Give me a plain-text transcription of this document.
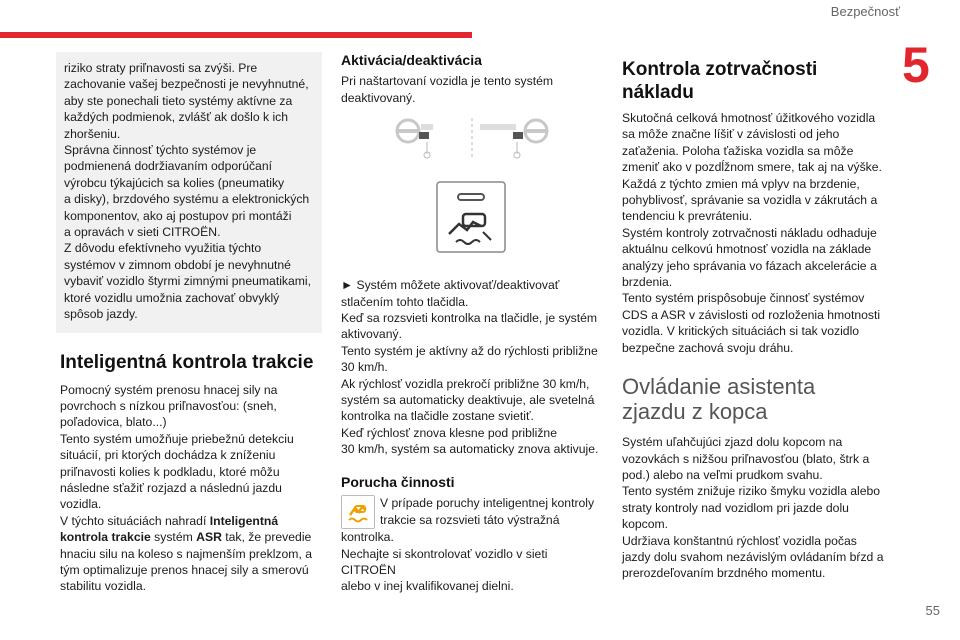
Bezpečnosť
5

riziko straty priľnavosti sa zvýši. Pre
zachovanie vašej bezpečnosti je nevyhnutné,
aby ste ponechali tieto systémy aktívne za
každých podmienok, zvlášť ak došlo k ich
zhoršeniu.
Správna činnosť týchto systémov je
podmienená dodržiavaním odporúčaní
výrobcu týkajúcich sa kolies (pneumatiky
a disky), brzdového systému a elektronických
komponentov, ako aj postupov pri montáži
a opravách v sieti CITROËN.
Z dôvodu efektívneho využitia týchto
systémov v zimnom období je nevyhnutné
vybaviť vozidlo štyrmi zimnými pneumatikami,
ktoré vozidlu umožnia zachovať obvyklý
spôsob jazdy.

Inteligentná kontrola trakcie

Pomocný systém prenosu hnacej sily na
povrchoch s nízkou priľnavosťou: (sneh,
poľadovica, blato...)
Tento systém umožňuje priebežnú detekciu
situácií, pri ktorých dochádza k zníženiu
priľnavosti kolies k podkladu, ktoré môžu
následne sťažiť rozjazd a následnú jazdu
vozidla.

V týchto situáciách nahradí Inteligentná
kontrola trakcie systém ASR tak, že prevedie
hnaciu silu na koleso s najmenším preklzom, a
tým optimalizuje prenos hnacej sily a smerovú
stabilitu vozidla.

Aktivácia/deaktivácia

Pri naštartovaní vozidla je tento systém
deaktivovaný.

► Systém môžete aktivovať/deaktivovať
stlačením tohto tlačidla.
Keď sa rozsvieti kontrolka na tlačidle, je systém
aktivovaný.
Tento systém je aktívny až do rýchlosti približne
30 km/h.
Ak rýchlosť vozidla prekročí približne 30 km/h,
systém sa automaticky deaktivuje, ale svetelná
kontrolka na tlačidle zostane svietiť.
Keď rýchlosť znova klesne pod približne
30 km/h, systém sa automaticky znova aktivuje.

Porucha činnosti

V prípade poruchy inteligentnej kontroly
trakcie sa rozsvieti táto výstražná

kontrolka.
Nechajte si skontrolovať vozidlo v sieti CITROËN
alebo v inej kvalifikovanej dielni.

Kontrola zotrvačnosti
nákladu

Skutočná celková hmotnosť úžitkového vozidla
sa môže značne líšiť v závislosti od jeho
zaťaženia. Poloha ťažiska vozidla sa môže
zmeniť ako v pozdĺžnom smere, tak aj na výške.
Každá z týchto zmien má vplyv na brzdenie,
pohyblivosť, správanie sa vozidla v zákrutách a
tendenciu k prevráteniu.
Systém kontroly zotrvačnosti nákladu odhaduje
aktuálnu celkovú hmotnosť vozidla na základe
analýzy jeho správania vo fázach akcelerácie a
brzdenia.
Tento systém prispôsobuje činnosť systémov
CDS a ASR v závislosti od rozloženia hmotnosti
vozidla. V kritických situáciách si tak vozidlo
bezpečne zachová svoju dráhu.

Ovládanie asistenta
zjazdu z kopca

Systém uľahčujúci zjazd dolu kopcom na
vozovkách s nižšou priľnavosťou (blato, štrk a
pod.) alebo na veľmi prudkom svahu.
Tento systém znižuje riziko šmyku vozidla alebo
straty kontroly nad vozidlom pri jazde dolu
kopcom.
Udržiava konštantnú rýchlosť vozidla počas
jazdy dolu svahom nezávislým ovládaním bŕzd a
prerozdeľovaním brzdného momentu.

55
